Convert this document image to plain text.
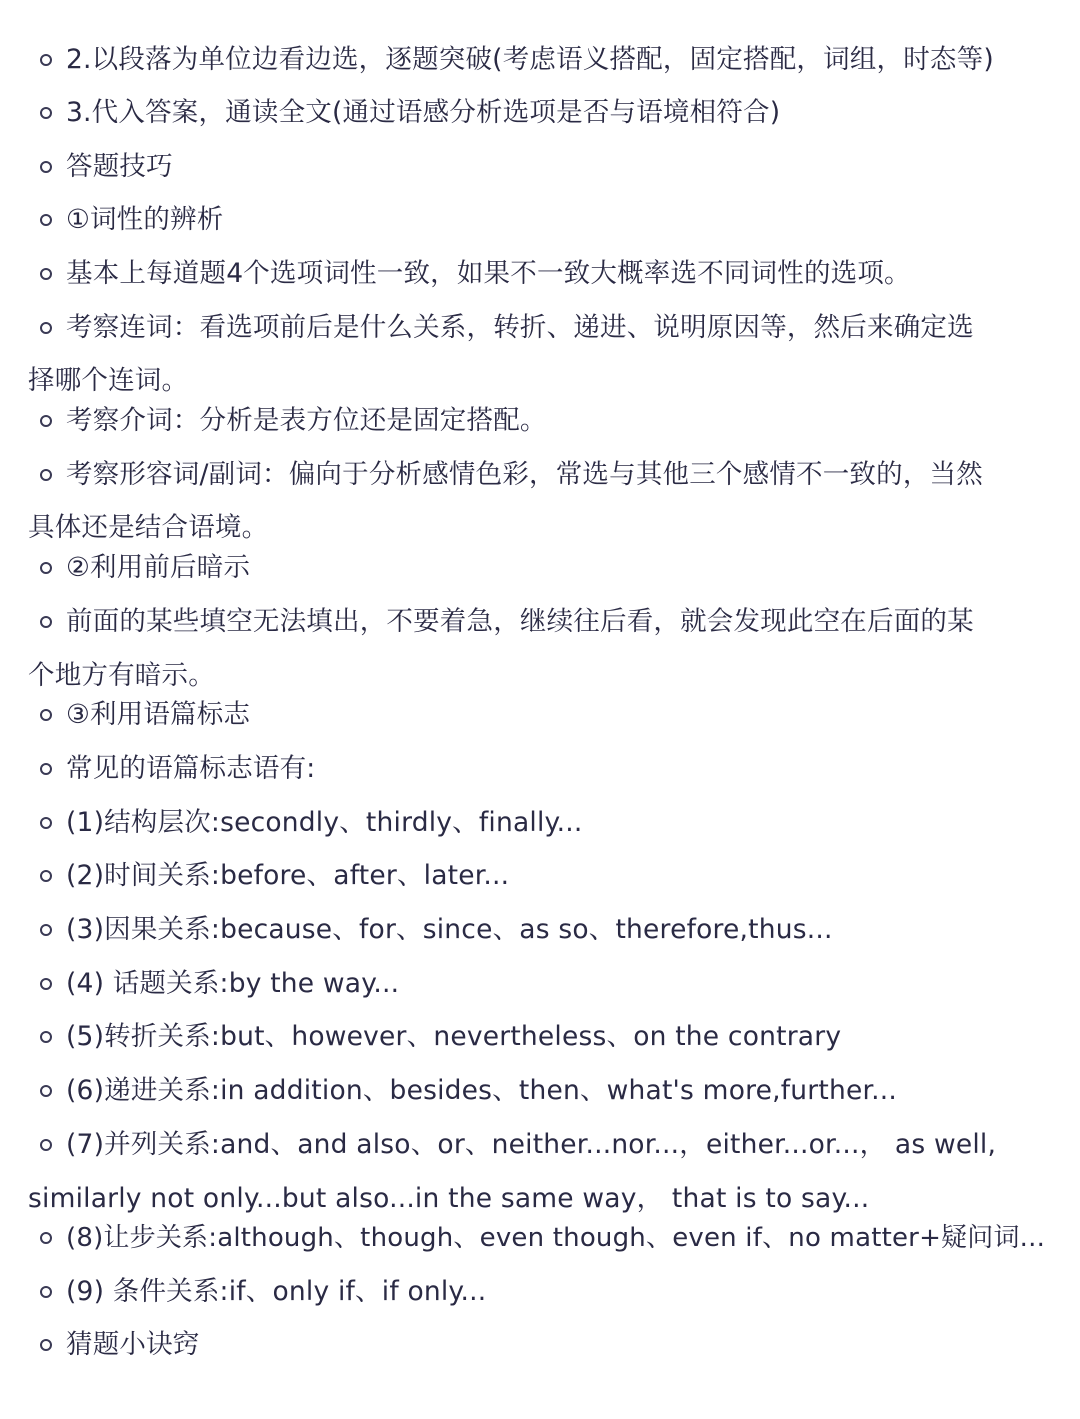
2.以段落为单位边看边选，逐题突破(考虑语义搭配，固定搭配，词组，时态等)
3.代入答案，通读全文(通过语感分析选项是否与语境相符合)
答题技巧
①词性的辨析
基本上每道题4个选项词性一致，如果不一致大概率选不同词性的选项。
考察连词：看选项前后是什么关系，转折、递进、说明原因等，然后来确定选
择哪个连词。
考察介词：分析是表方位还是固定搭配。
考察形容词/副词：偏向于分析感情色彩，常选与其他三个感情不一致的，当然
具体还是结合语境。
②利用前后暗示
前面的某些填空无法填出，不要着急，继续往后看，就会发现此空在后面的某
个地方有暗示。
③利用语篇标志
常见的语篇标志语有:
(1)结构层次:secondly、thirdly、finally...
(2)时间关系:before、after、later...
(3)因果关系:because、for、since、as so、therefore,thus...
(4) 话题关系:by the way...
(5)转折关系:but、however、nevertheless、on the contrary
(6)递进关系:in addition、besides、then、what's more,further...
(7)并列关系:and、and also、or、neither...nor...，either...or...， as well,
similarly not only...but also...in the same way， that is to say...
(8)让步关系:although、though、even though、even if、no matter+疑问词...
(9) 条件关系:if、only if、if only...
猜题小诀窍
